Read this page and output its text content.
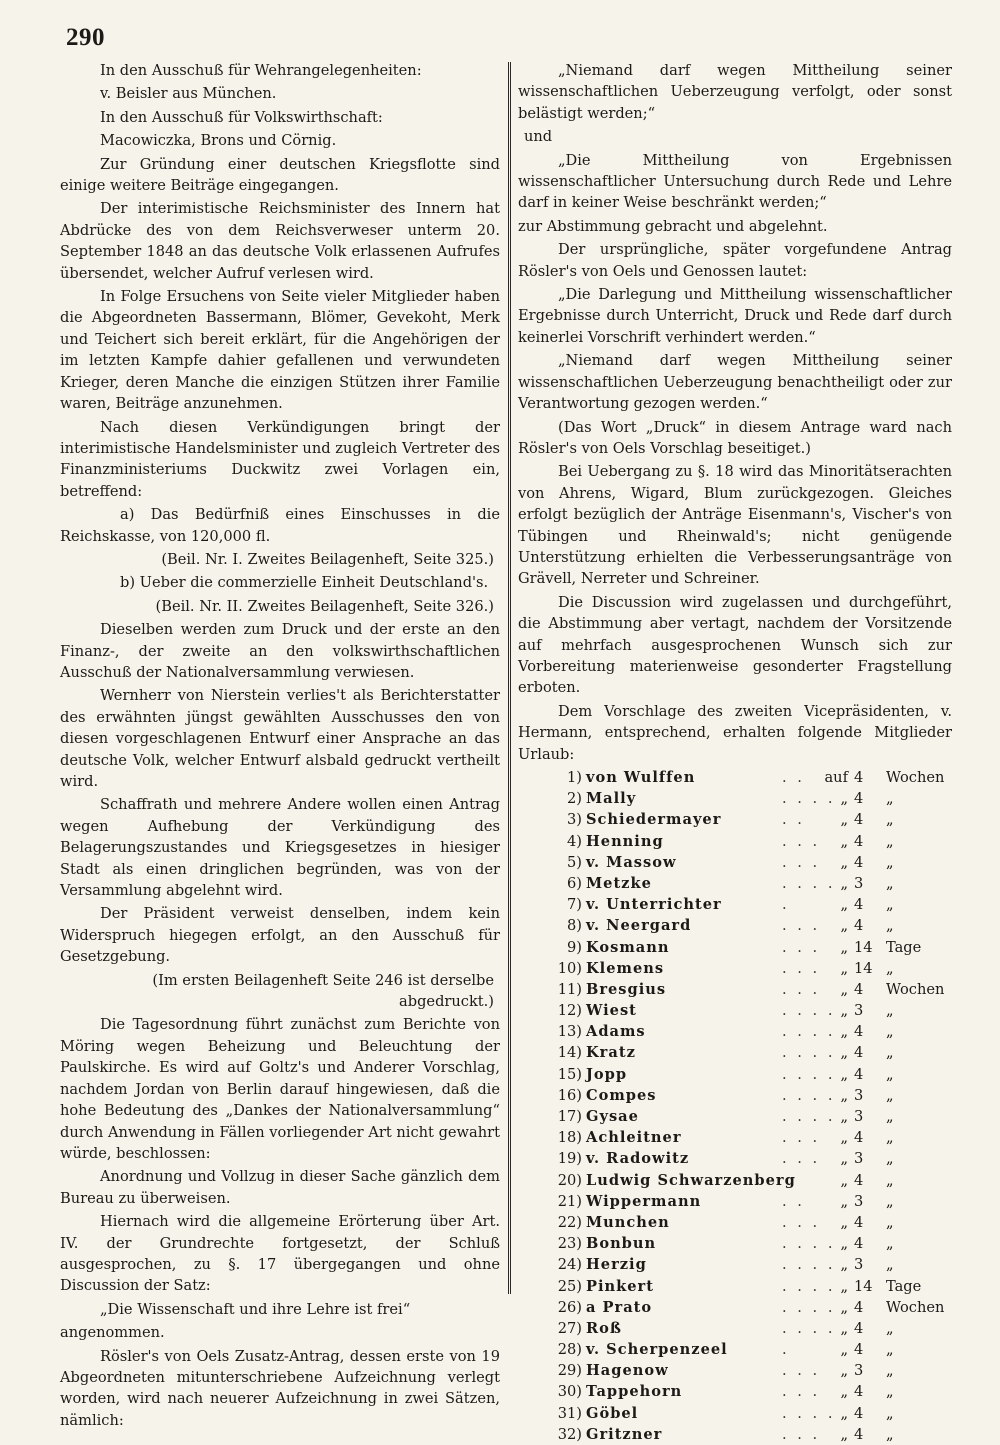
290

In den Ausschuß für Wehrangelegenheiten:

v. Beisler aus München.

In den Ausschuß für Volkswirthschaft:

Macowiczka, Brons und Cörnig.

Zur Gründung einer deutschen Kriegsflotte sind einige weitere Beiträge eingegangen.

Der interimistische Reichsminister des Innern hat Abdrücke des von dem Reichsverweser unterm 20. September 1848 an das deutsche Volk erlassenen Aufrufes übersendet, welcher Aufruf verlesen wird.

In Folge Ersuchens von Seite vieler Mitglieder haben die Abgeordneten Bassermann, Blömer, Gevekoht, Merk und Teichert sich bereit erklärt, für die Angehörigen der im letzten Kampfe dahier gefallenen und verwundeten Krieger, deren Manche die einzigen Stützen ihrer Familie waren, Beiträge anzunehmen.

Nach diesen Verkündigungen bringt der interimistische Handelsminister und zugleich Vertreter des Finanzministeriums Duckwitz zwei Vorlagen ein, betreffend:

a) Das Bedürfniß eines Einschusses in die Reichskasse, von 120,000 fl.

(Beil. Nr. I. Zweites Beilagenheft, Seite 325.)

b) Ueber die commerzielle Einheit Deutschland's.

(Beil. Nr. II. Zweites Beilagenheft, Seite 326.)

Dieselben werden zum Druck und der erste an den Finanz-, der zweite an den volkswirthschaftlichen Ausschuß der Nationalversammlung verwiesen.

Wernherr von Nierstein verlies't als Berichterstatter des erwähnten jüngst gewählten Ausschusses den von diesen vorgeschlagenen Entwurf einer Ansprache an das deutsche Volk, welcher Entwurf alsbald gedruckt vertheilt wird.

Schaffrath und mehrere Andere wollen einen Antrag wegen Aufhebung der Verkündigung des Belagerungszustandes und Kriegsgesetzes in hiesiger Stadt als einen dringlichen begründen, was von der Versammlung abgelehnt wird.

Der Präsident verweist denselben, indem kein Widerspruch hiegegen erfolgt, an den Ausschuß für Gesetzgebung.

(Im ersten Beilagenheft Seite 246 ist derselbe abgedruckt.)

Die Tagesordnung führt zunächst zum Berichte von Möring wegen Beheizung und Beleuchtung der Paulskirche. Es wird auf Goltz's und Anderer Vorschlag, nachdem Jordan von Berlin darauf hingewiesen, daß die hohe Bedeutung des „Dankes der Nationalversammlung“ durch Anwendung in Fällen vorliegender Art nicht gewahrt würde, beschlossen:

Anordnung und Vollzug in dieser Sache gänzlich dem Bureau zu überweisen.

Hiernach wird die allgemeine Erörterung über Art. IV. der Grundrechte fortgesetzt, der Schluß ausgesprochen, zu §. 17 übergegangen und ohne Discussion der Satz:

„Die Wissenschaft und ihre Lehre ist frei“

angenommen.

Rösler's von Oels Zusatz-Antrag, dessen erste von 19 Abgeordneten mitunterschriebene Aufzeichnung verlegt worden, wird nach neuerer Aufzeichnung in zwei Sätzen, nämlich:

„Niemand darf wegen Mittheilung seiner wissenschaftlichen Ueberzeugung verfolgt, oder sonst belästigt werden;“

und

„Die Mittheilung von Ergebnissen wissenschaftlicher Untersuchung durch Rede und Lehre darf in keiner Weise beschränkt werden;“

zur Abstimmung gebracht und abgelehnt.

Der ursprüngliche, später vorgefundene Antrag Rösler's von Oels und Genossen lautet:

„Die Darlegung und Mittheilung wissenschaftlicher Ergebnisse durch Unterricht, Druck und Rede darf durch keinerlei Vorschrift verhindert werden.“

„Niemand darf wegen Mittheilung seiner wissenschaftlichen Ueberzeugung benachtheiligt oder zur Verantwortung gezogen werden.“

(Das Wort „Druck“ in diesem Antrage ward nach Rösler's von Oels Vorschlag beseitiget.)

Bei Uebergang zu §. 18 wird das Minoritätserachten von Ahrens, Wigard, Blum zurückgezogen. Gleiches erfolgt bezüglich der Anträge Eisenmann's, Vischer's von Tübingen und Rheinwald's; nicht genügende Unterstützung erhielten die Verbesserungsanträge von Grävell, Nerreter und Schreiner.

Die Discussion wird zugelassen und durchgeführt, die Abstimmung aber vertagt, nachdem der Vorsitzende auf mehrfach ausgesprochenen Wunsch sich zur Vorbereitung materienweise gesonderter Fragstellung erboten.

Dem Vorschlage des zweiten Vicepräsidenten, v. Hermann, entsprechend, erhalten folgende Mitglieder Urlaub:

1) von Wulffen	. .	auf 4	Wochen
2) Mally	. . . . „ 4	„
3) Schiedermayer	. .	„ 4	„
4) Henning	. . .	„ 4	„
5) v. Massow	. . .	„ 4	„
6) Metzke	. . . . „ 3	„
7) v. Unterrichter	.	„ 4	„
8) v. Neergard	. . .	„ 4	„
9) Kosmann	. . .	„ 14 Tage
10) Klemens	. . .	„ 14 „
11) Bresgius	. . .	„ 4	Wochen
12) Wiest	. . . . „ 3	„
13) Adams	. . . . „ 4	„
14) Kratz	. . . . „ 4	„
15) Jopp	. . . . „ 4	„
16) Compes	. . . . „ 3	„
17) Gysae	. . . . „ 3	„
18) Achleitner	. . .	„ 4	„
19) v. Radowitz	. . .	„ 3	„
20) Ludwig Schwarzenberg	„ 4	„
21) Wippermann	. .	„ 3	„
22) Munchen	. . .	„ 4	„
23) Bonbun	. . . . „ 4	„
24) Herzig	. . . . „ 3	„
25) Pinkert	. . . . „ 14 Tage
26) a Prato	. . . . „ 4	Wochen
27) Roß	. . . . „ 4	„
28) v. Scherpenzeel	.	„ 4	„
29) Hagenow	. . .	„ 3	„
30) Tappehorn	. . .	„ 4	„
31) Göbel	. . . . „ 4	„
32) Gritzner	. . .	„ 4	„
